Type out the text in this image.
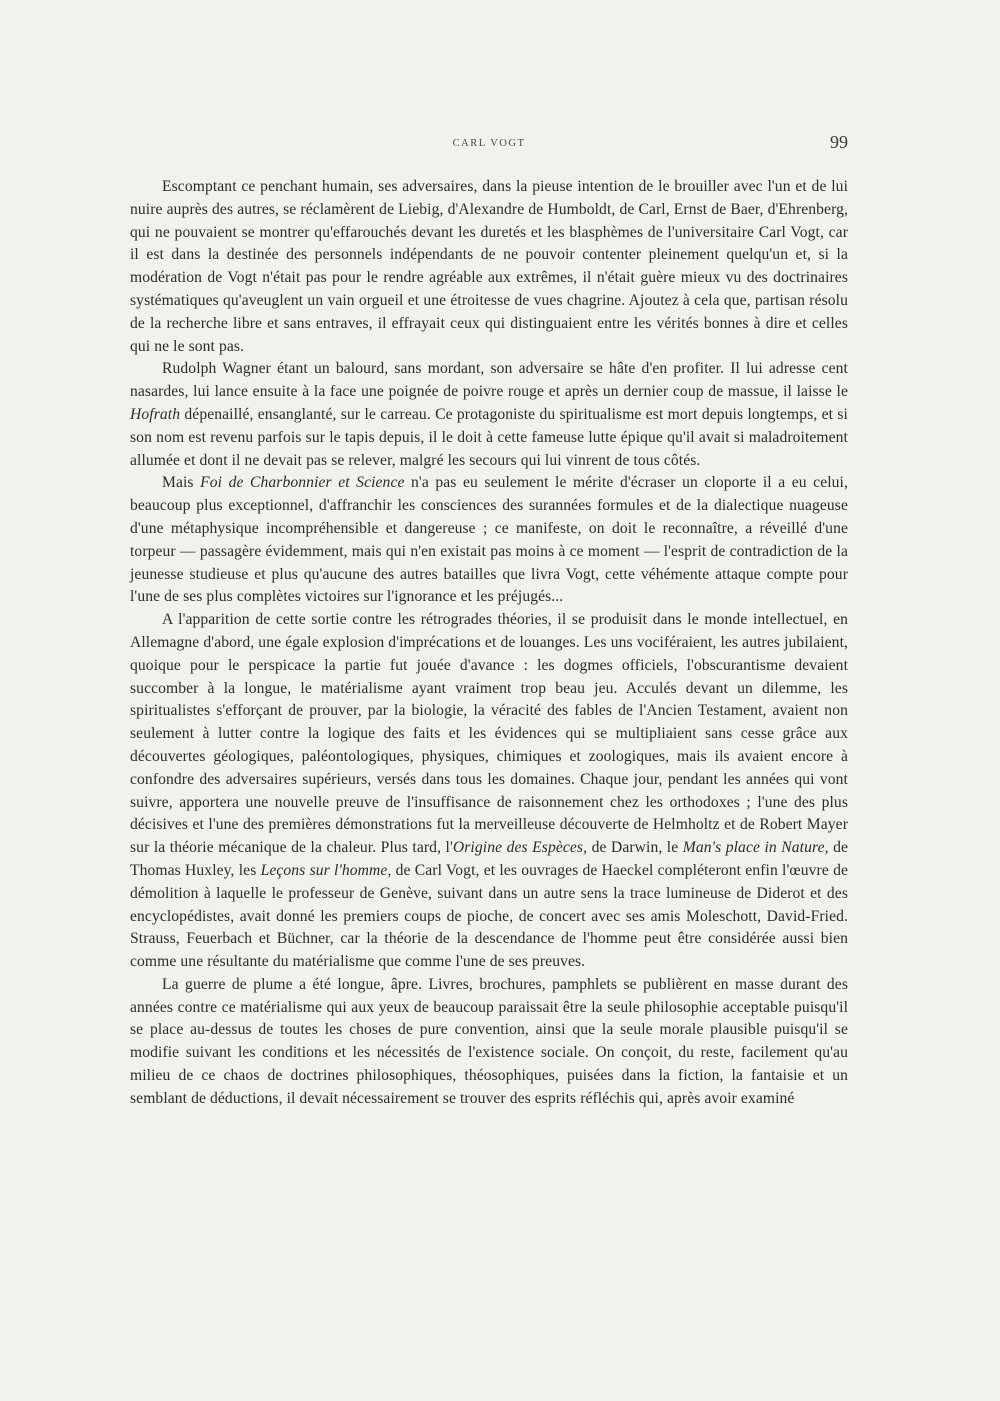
CARL VOGT	99

Escomptant ce penchant humain, ses adversaires, dans la pieuse intention de le brouiller avec l'un et de lui nuire auprès des autres, se réclamèrent de Liebig, d'Alexandre de Humboldt, de Carl, Ernst de Baer, d'Ehrenberg, qui ne pouvaient se montrer qu'effarouchés devant les duretés et les blasphèmes de l'universitaire Carl Vogt, car il est dans la destinée des personnels indépendants de ne pouvoir contenter pleinement quelqu'un et, si la modération de Vogt n'était pas pour le rendre agréable aux extrêmes, il n'était guère mieux vu des doctrinaires systématiques qu'aveuglent un vain orgueil et une étroitesse de vues chagrine. Ajoutez à cela que, partisan résolu de la recherche libre et sans entraves, il effrayait ceux qui distinguaient entre les vérités bonnes à dire et celles qui ne le sont pas.

Rudolph Wagner étant un balourd, sans mordant, son adversaire se hâte d'en profiter. Il lui adresse cent nasardes, lui lance ensuite à la face une poignée de poivre rouge et après un dernier coup de massue, il laisse le Hofrath dépenaillé, ensanglanté, sur le carreau. Ce protagoniste du spiritualisme est mort depuis longtemps, et si son nom est revenu parfois sur le tapis depuis, il le doit à cette fameuse lutte épique qu'il avait si maladroitement allumée et dont il ne devait pas se relever, malgré les secours qui lui vinrent de tous côtés.

Mais Foi de Charbonnier et Science n'a pas eu seulement le mérite d'écraser un cloporte il a eu celui, beaucoup plus exceptionnel, d'affranchir les consciences des surannées formules et de la dialectique nuageuse d'une métaphysique incompréhensible et dangereuse ; ce manifeste, on doit le reconnaître, a réveillé d'une torpeur — passagère évidemment, mais qui n'en existait pas moins à ce moment — l'esprit de contradiction de la jeunesse studieuse et plus qu'aucune des autres batailles que livra Vogt, cette véhémente attaque compte pour l'une de ses plus complètes victoires sur l'ignorance et les préjugés...

A l'apparition de cette sortie contre les rétrogrades théories, il se produisit dans le monde intellectuel, en Allemagne d'abord, une égale explosion d'imprécations et de louanges. Les uns vociféraient, les autres jubilaient, quoique pour le perspicace la partie fut jouée d'avance : les dogmes officiels, l'obscurantisme devaient succomber à la longue, le matérialisme ayant vraiment trop beau jeu. Acculés devant un dilemme, les spiritualistes s'efforçant de prouver, par la biologie, la véracité des fables de l'Ancien Testament, avaient non seulement à lutter contre la logique des faits et les évidences qui se multipliaient sans cesse grâce aux découvertes géologiques, paléontologiques, physiques, chimiques et zoologiques, mais ils avaient encore à confondre des adversaires supérieurs, versés dans tous les domaines. Chaque jour, pendant les années qui vont suivre, apportera une nouvelle preuve de l'insuffisance de raisonnement chez les orthodoxes ; l'une des plus décisives et l'une des premières démonstrations fut la merveilleuse découverte de Helmholtz et de Robert Mayer sur la théorie mécanique de la chaleur. Plus tard, l'Origine des Espèces, de Darwin, le Man's place in Nature, de Thomas Huxley, les Leçons sur l'homme, de Carl Vogt, et les ouvrages de Haeckel compléteront enfin l'œuvre de démolition à laquelle le professeur de Genève, suivant dans un autre sens la trace lumineuse de Diderot et des encyclopédistes, avait donné les premiers coups de pioche, de concert avec ses amis Moleschott, David-Fried. Strauss, Feuerbach et Büchner, car la théorie de la descendance de l'homme peut être considérée aussi bien comme une résultante du matérialisme que comme l'une de ses preuves.

La guerre de plume a été longue, âpre. Livres, brochures, pamphlets se publièrent en masse durant des années contre ce matérialisme qui aux yeux de beaucoup paraissait être la seule philosophie acceptable puisqu'il se place au-dessus de toutes les choses de pure convention, ainsi que la seule morale plausible puisqu'il se modifie suivant les conditions et les nécessités de l'existence sociale. On conçoit, du reste, facilement qu'au milieu de ce chaos de doctrines philosophiques, théosophiques, puisées dans la fiction, la fantaisie et un semblant de déductions, il devait nécessairement se trouver des esprits réfléchis qui, après avoir examiné
